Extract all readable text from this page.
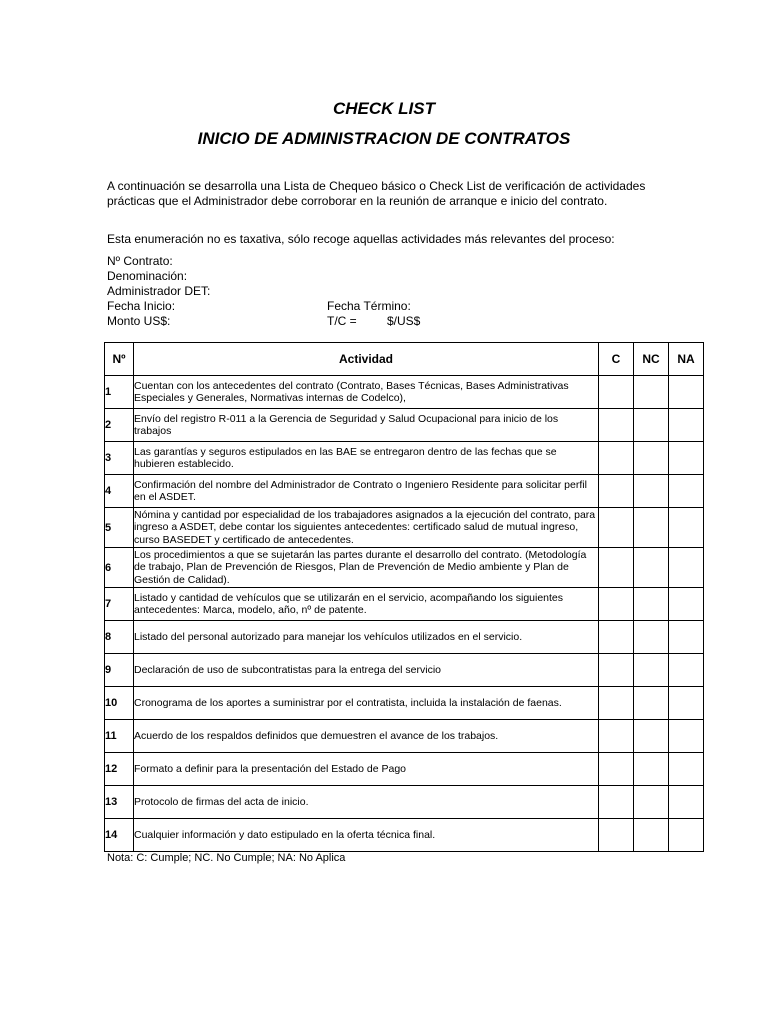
CHECK LIST
INICIO DE ADMINISTRACION DE CONTRATOS
A continuación se desarrolla una Lista de Chequeo básico o Check List de verificación de actividades prácticas que el Administrador debe corroborar en la reunión de arranque e inicio del contrato.
Esta enumeración no es taxativa, sólo recoge aquellas actividades más relevantes del proceso:
Nº Contrato:
Denominación:
Administrador DET:
Fecha Inicio:	Fecha Término:
Monto US$:	T/C =	$/US$
Nº	Actividad	C	NC	NA
1	Cuentan con los antecedentes del contrato (Contrato, Bases Técnicas, Bases Administrativas Especiales y Generales, Normativas internas de Codelco),			
2	Envío del registro R-011 a la Gerencia de Seguridad y Salud Ocupacional para inicio de los trabajos			
3	Las garantías y seguros estipulados en las BAE se entregaron dentro de las fechas que se hubieren establecido.			
4	Confirmación del nombre del Administrador de Contrato o Ingeniero Residente para solicitar perfil en el ASDET.			
5	Nómina y cantidad por especialidad de los trabajadores asignados a la ejecución del contrato, para ingreso a ASDET, debe contar los siguientes antecedentes: certificado salud de mutual ingreso, curso BASEDET y certificado de antecedentes.			
6	Los procedimientos a que se sujetarán las partes durante el desarrollo del contrato. (Metodología de trabajo, Plan de Prevención de Riesgos, Plan de Prevención de Medio ambiente y Plan de Gestión de Calidad).			
7	Listado y cantidad de vehículos que se utilizarán en el servicio, acompañando los siguientes antecedentes: Marca, modelo, año, nº de patente.			
8	Listado del personal autorizado para manejar los vehículos utilizados en el servicio.			
9	Declaración de uso de subcontratistas para la entrega del servicio			
10	Cronograma de los aportes a suministrar por el contratista, incluida la instalación de faenas.			
11	Acuerdo de los respaldos definidos que demuestren el avance de los trabajos.			
12	Formato a definir para la presentación del Estado de Pago			
13	Protocolo de firmas del acta de inicio.			
14	Cualquier información y dato estipulado en la oferta técnica final.			
Nota: C: Cumple; NC. No Cumple; NA: No Aplica
